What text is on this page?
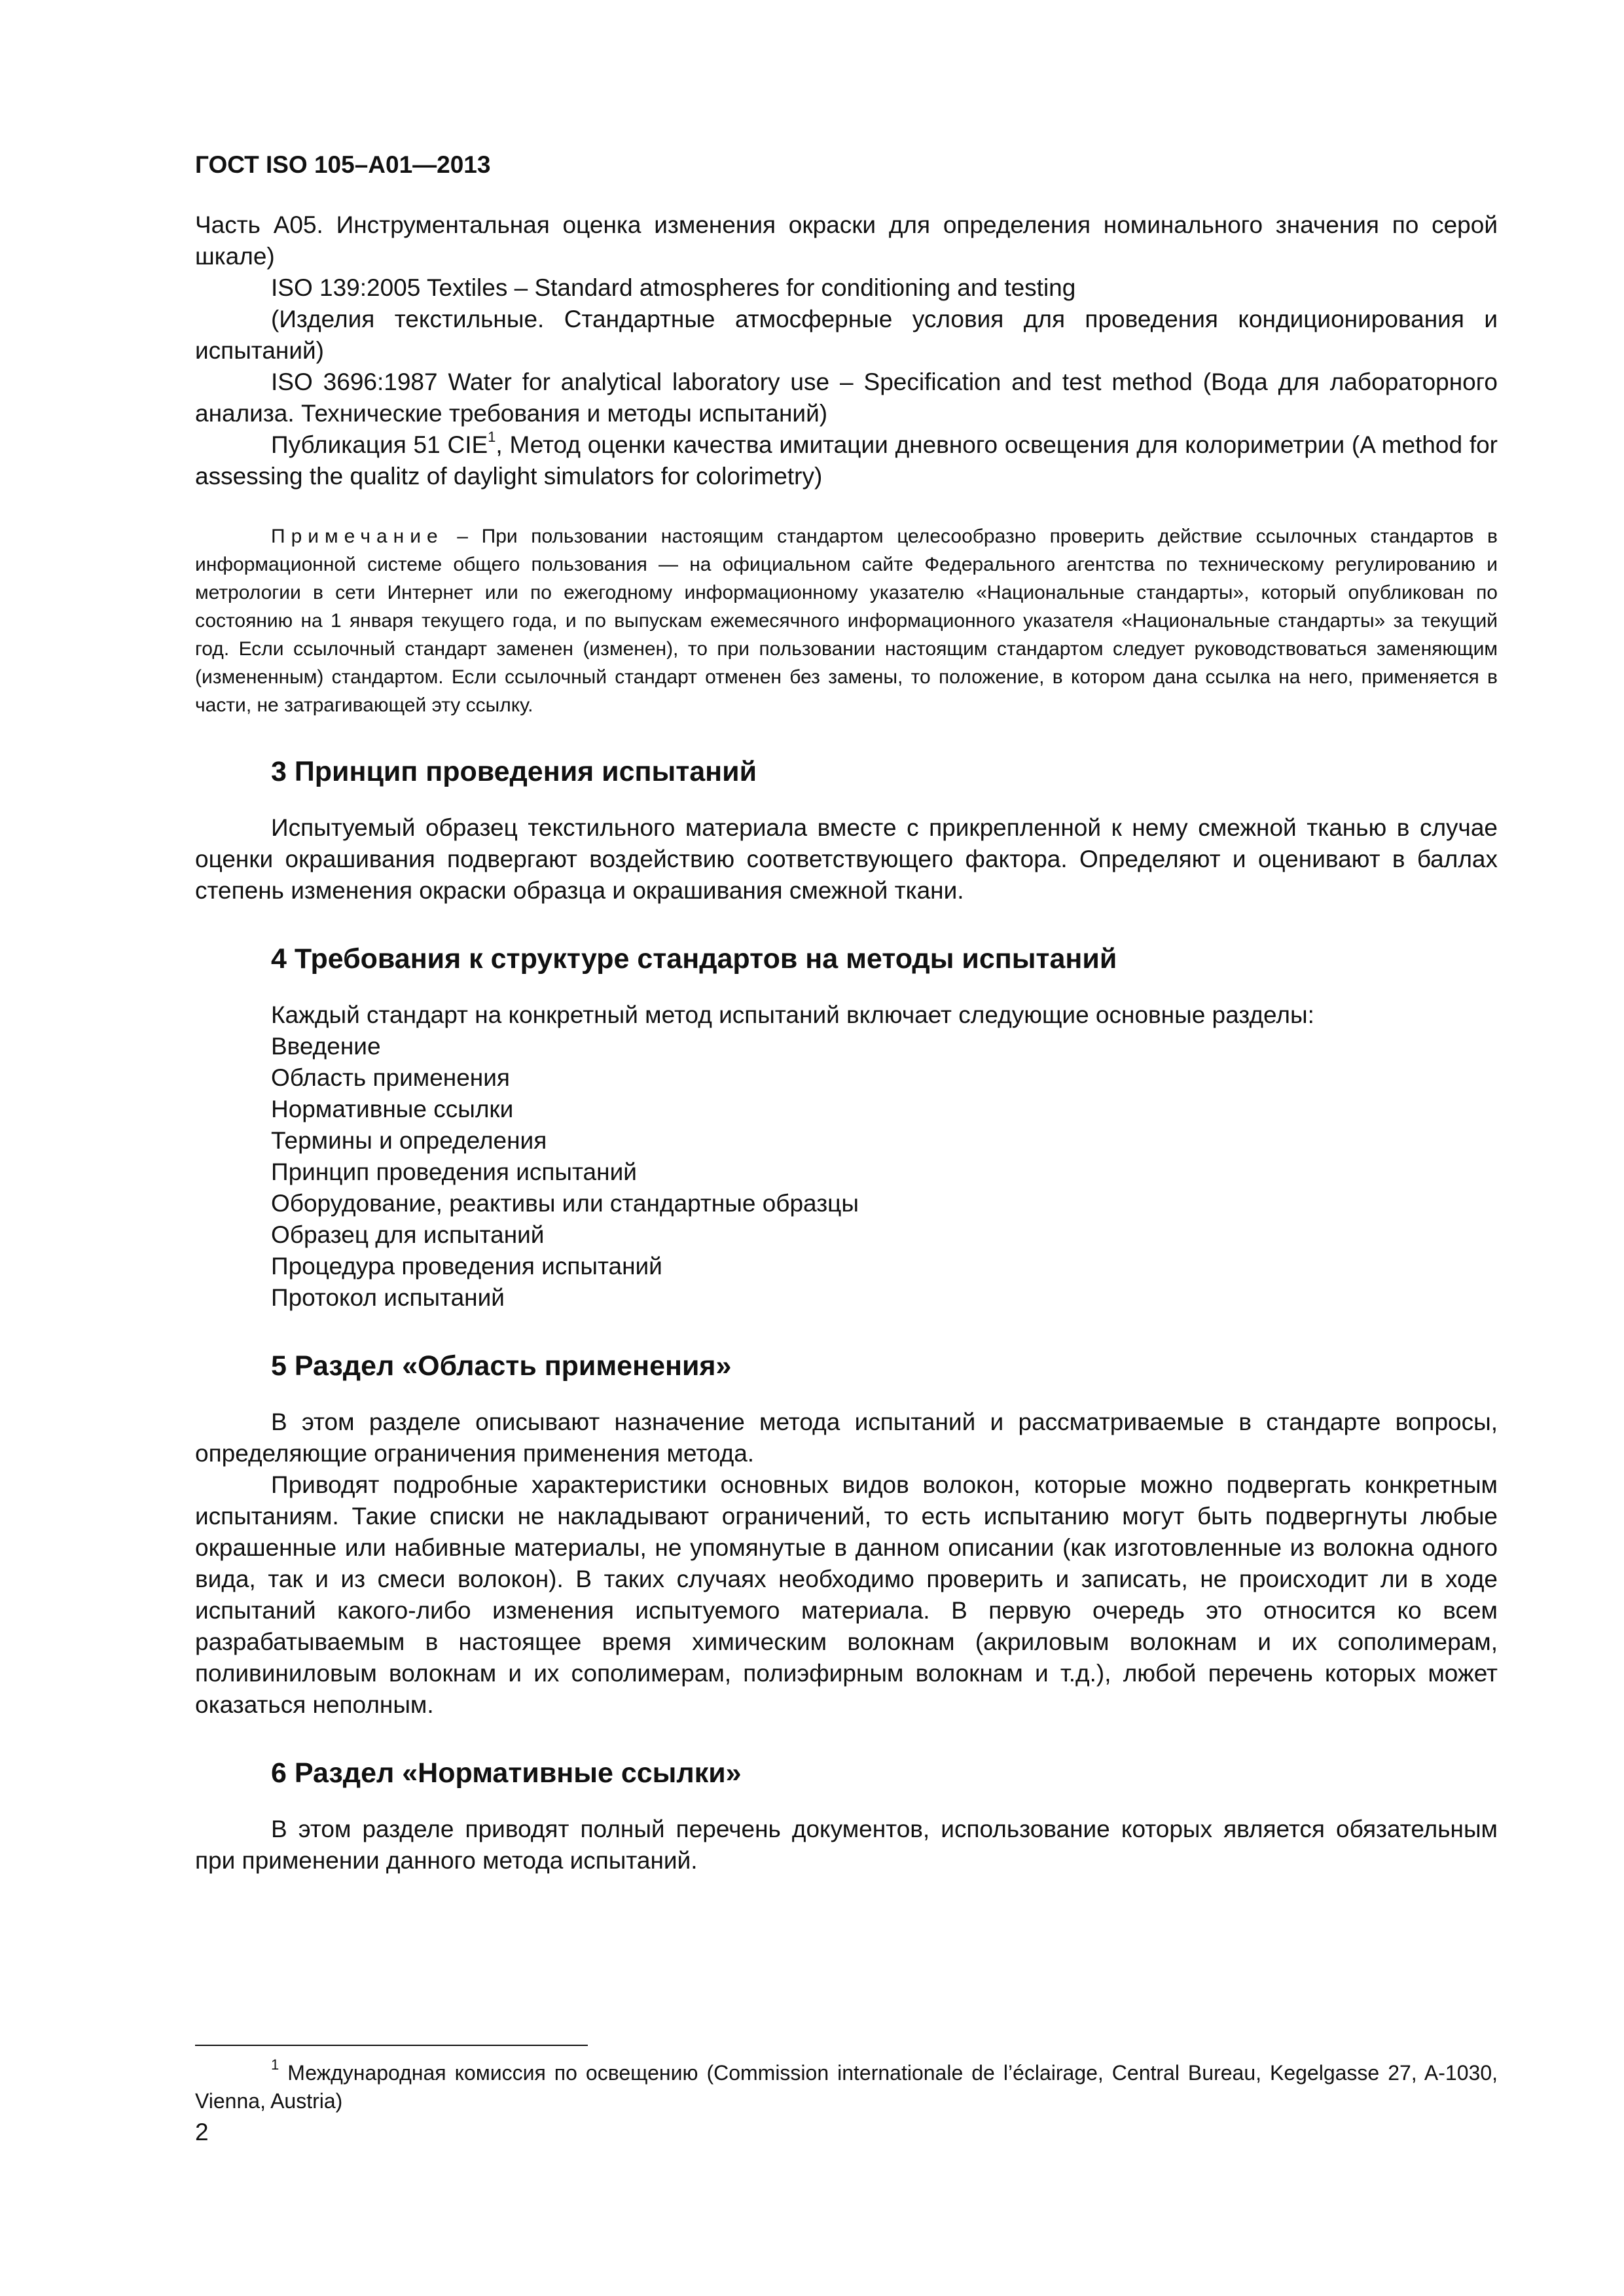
ГОСТ ISO 105–A01—2013

Часть А05. Инструментальная оценка изменения окраски для определения номинального значения по серой шкале)

ISO 139:2005 Textiles – Standard atmospheres for conditioning and testing

(Изделия текстильные. Стандартные атмосферные условия для проведения кондиционирования и испытаний)

ISO 3696:1987 Water for analytical laboratory use – Specification and test method (Вода для лабораторного анализа. Технические требования и методы испытаний)

Публикация 51 CIE$^1$, Метод оценки качества имитации дневного освещения для колориметрии (A method for assessing the qualitz of daylight simulators for colorimetry)

Примечание – При пользовании настоящим стандартом целесообразно проверить действие ссылочных стандартов в информационной системе общего пользования — на официальном сайте Федерального агентства по техническому регулированию и метрологии в сети Интернет или по ежегодному информационному указателю «Национальные стандарты», который опубликован по состоянию на 1 января текущего года, и по выпускам ежемесячного информационного указателя «Национальные стандарты» за текущий год. Если ссылочный стандарт заменен (изменен), то при пользовании настоящим стандартом следует руководствоваться заменяющим (измененным) стандартом. Если ссылочный стандарт отменен без замены, то положение, в котором дана ссылка на него, применяется в части, не затрагивающей эту ссылку.

3 Принцип проведения испытаний

Испытуемый образец текстильного материала вместе с прикрепленной к нему смежной тканью в случае оценки окрашивания подвергают воздействию соответствующего фактора. Определяют и оценивают в баллах степень изменения окраски образца и окрашивания смежной ткани.

4 Требования к структуре стандартов на методы испытаний
Каждый стандарт на конкретный метод испытаний включает следующие основные разделы:
Введение
Область применения
Нормативные ссылки
Термины и определения
Принцип проведения испытаний
Оборудование, реактивы или стандартные образцы
Образец для испытаний
Процедура проведения испытаний
Протокол испытаний
5 Раздел «Область применения»

В этом разделе описывают назначение метода испытаний и рассматриваемые в стандарте вопросы, определяющие ограничения применения метода.

Приводят подробные характеристики основных видов волокон, которые можно подвергать конкретным испытаниям. Такие списки не накладывают ограничений, то есть испытанию могут быть подвергнуты любые окрашенные или набивные материалы, не упомянутые в данном описании (как изготовленные из волокна одного вида, так и из смеси волокон). В таких случаях необходимо проверить и записать, не происходит ли в ходе испытаний какого-либо изменения испытуемого материала. В первую очередь это относится ко всем разрабатываемым в настоящее время химическим волокнам (акриловым волокнам и их сополимерам, поливиниловым волокнам и их сополимерам, полиэфирным волокнам и т.д.), любой перечень которых может оказаться неполным.

6 Раздел «Нормативные ссылки»

В этом разделе приводят полный перечень документов, использование которых является обязательным при применении данного метода испытаний.

$^1$ Международная комиссия по освещению (Commission internationale de l’éclairage, Central Bureau, Kegelgasse 27, A-1030, Vienna, Austria)
2
